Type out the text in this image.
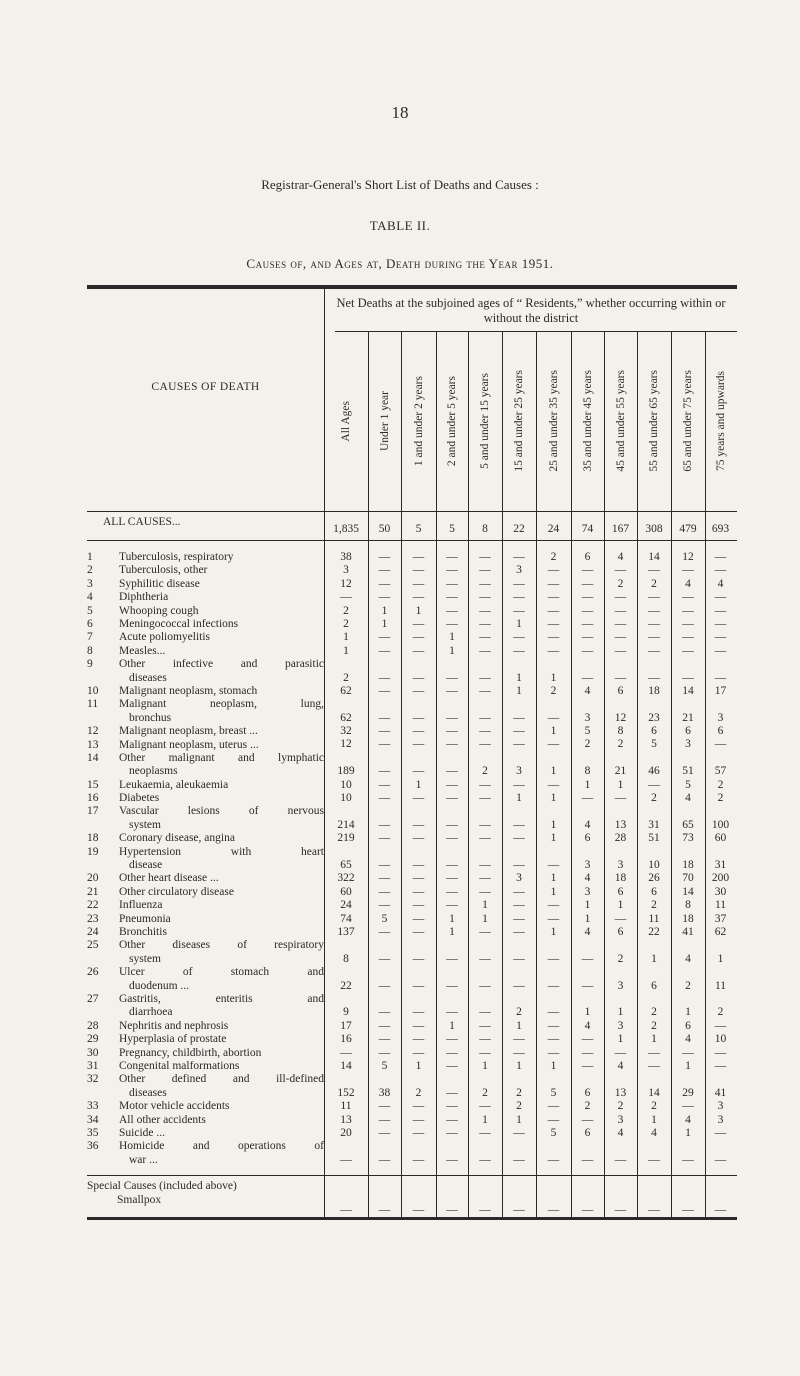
18
Registrar-General's Short List of Deaths and Causes :
TABLE II.
Causes of, and Ages at, Death during the Year 1951.
CAUSES OF DEATH
Net Deaths at the subjoined ages of “ Residents,” whether occurring within or without the district
All Ages Under 1 year 1 and under 2 years 2 and under 5 years 5 and under 15 years 15 and under 25 years 25 and under 35 years 35 and under 45 years 45 and under 55 years 55 and under 65 years 65 and under 75 years 75 years and upwards
ALL CAUSES...
1,835	50	5	5	8	22	24	74	167	308	479	693
1	Tuberculosis, respiratory	38	—	—	—	—	—	2	6	4	14	12	—
2	Tuberculosis, other	3	—	—	—	—	3	—	—	—	—	—	—
3	Syphilitic disease	12	—	—	—	—	—	—	—	2	2	4	4
4	Diphtheria	—	—	—	—	—	—	—	—	—	—	—	—
5	Whooping cough	2	1	1	—	—	—	—	—	—	—	—	—
6	Meningococcal infections	2	1	—	—	—	1	—	—	—	—	—	—
7	Acute poliomyelitis	1	—	—	1	—	—	—	—	—	—	—	—
8	Measles...	1	—	—	1	—	—	—	—	—	—	—	—
9	Other infective and parasitic
diseases	2	—	—	—	—	1	1	—	—	—	—	—
10	Malignant neoplasm, stomach	62	—	—	—	—	1	2	4	6	18	14	17
11	Malignant neoplasm, lung,
bronchus	62	—	—	—	—	—	—	3	12	23	21	3
12	Malignant neoplasm, breast ...	32	—	—	—	—	—	1	5	8	6	6	6
13	Malignant neoplasm, uterus ...	12	—	—	—	—	—	—	2	2	5	3	—
14	Other malignant and lymphatic
neoplasms	189	—	—	—	2	3	1	8	21	46	51	57
15	Leukaemia, aleukaemia	10	—	1	—	—	—	—	1	1	—	5	2
16	Diabetes	10	—	—	—	—	1	1	—	—	2	4	2
17	Vascular lesions of nervous
system	214	—	—	—	—	—	1	4	13	31	65	100
18	Coronary disease, angina	219	—	—	—	—	—	1	6	28	51	73	60
19	Hypertension with heart
disease	65	—	—	—	—	—	—	3	3	10	18	31
20	Other heart disease ...	322	—	—	—	—	3	1	4	18	26	70	200
21	Other circulatory disease	60	—	—	—	—	—	1	3	6	6	14	30
22	Influenza	24	—	—	—	1	—	—	1	1	2	8	11
23	Pneumonia	74	5	—	1	1	—	—	1	—	11	18	37
24	Bronchitis	137	—	—	1	—	—	1	4	6	22	41	62
25	Other diseases of respiratory
system	8	—	—	—	—	—	—	—	2	1	4	1
26	Ulcer of stomach and
duodenum ...	22	—	—	—	—	—	—	—	3	6	2	11
27	Gastritis, enteritis and
diarrhoea	9	—	—	—	—	2	—	1	1	2	1	2
28	Nephritis and nephrosis	17	—	—	1	—	1	—	4	3	2	6	—
29	Hyperplasia of prostate	16	—	—	—	—	—	—	—	1	1	4	10
30	Pregnancy, childbirth, abortion	—	—	—	—	—	—	—	—	—	—	—	—
31	Congenital malformations	14	5	1	—	1	1	1	—	4	—	1	—
32	Other defined and ill-defined
diseases	152	38	2	—	2	2	5	6	13	14	29	41
33	Motor vehicle accidents	11	—	—	—	—	2	—	2	2	2	—	3
34	All other accidents	13	—	—	—	1	1	—	—	3	1	4	3
35	Suicide ...	20	—	—	—	—	—	5	6	4	4	1	—
36	Homicide and operations of
war ...	—	—	—	—	—	—	—	—	—	—	—	—
Special Causes (included above)
Smallpox
—	—	—	—	—	—	—	—	—	—	—	—
